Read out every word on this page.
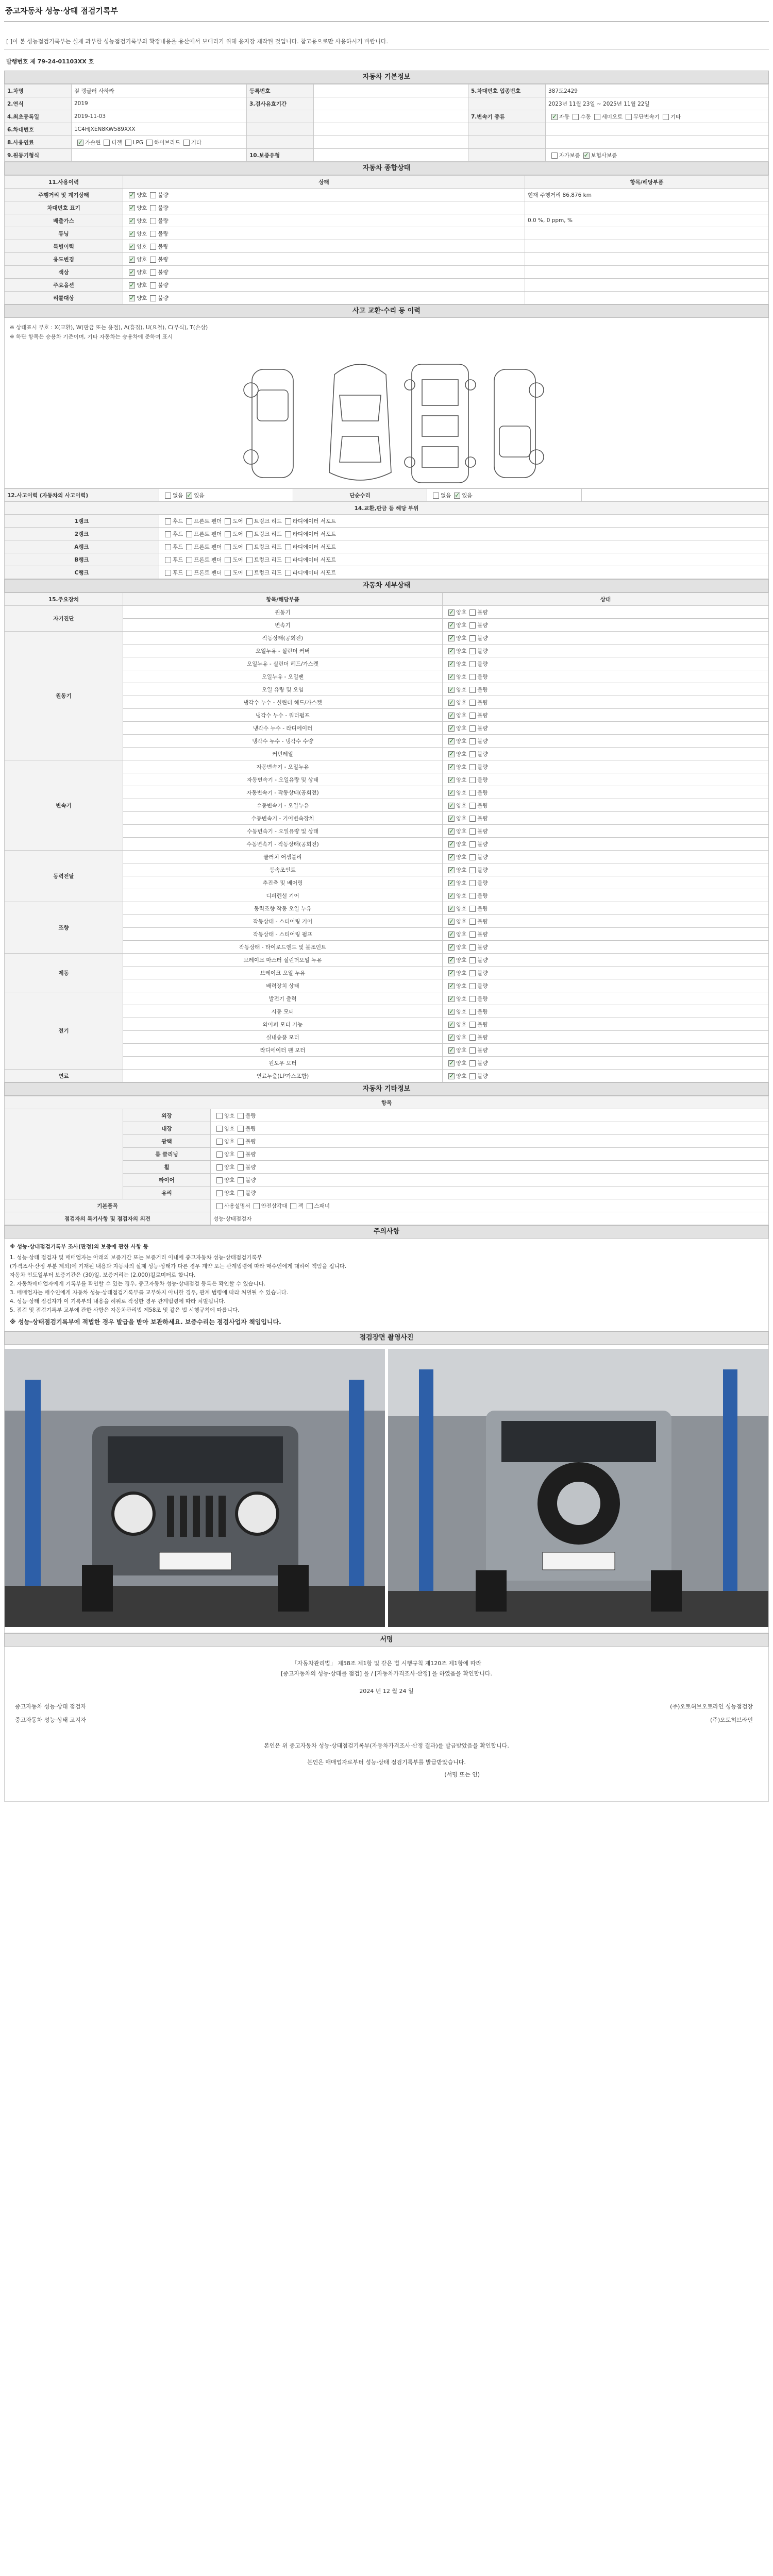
중고자동차 성능·상태 점검기록부
[ ]이 본 성능점검기록부는 실제 과부한 성능점검기록부의 확정내용을 용산에서 보대리기 위해 응지장 제작된 것입니다. 참고용으로만 사용하시기 바랍니다.
발행번호 제 79-24-01103XX 호
자동차 기본정보
1.차명	짚 랭글러 사하라	등록번호		5.차대번호 업종번호	387도2429
2.연식	2019	3.검사유효기간			2023년 11월 23일 ~ 2025년 11월 22일
4.최초등록일	2019-11-03			7.변속기 종류	✓자동 수동 세미오토 무단변속기 기타
6.차대번호	1C4HJXEN8KW589XXX				
8.사용연료	✓가솔린 디젤 LPG 하이브리드 기타				
9.원동기형식		10.보증유형			자가보증 ✓ 보험사보증
자동차 종합상태
11.사용이력	상태	항목/해당부품
주행거리 및 계기상태	✓양호 불량	현재 주행거리 86,876 km
차대번호 표기	✓양호 불량	
배출가스	✓양호 불량	0.0 %, 0 ppm, %
튜닝	✓양호 불량	
특별이력	✓양호 불량	
용도변경	✓양호 불량	
색상	✓양호 불량	
주요옵션	✓양호 불량	
리콜대상	✓양호 불량	
사고 교환·수리 등 이력
※ 상태표시 부호 : X(교환), W(판금 또는 용접), A(흠집), U(요철), C(부식), T(손상)
※ 하단 항목은 승용차 기준이며, 기타 자동차는 승용차에 준하여 표시
12.사고이력 (자동차의 사고이력)	없음 ✓ 있음	단순수리	없음 ✓ 있음	
14.교환,판금 등 해당 부위				
1랭크	후드 프론트 펜더 도어 트렁크 리드 라디에이터 서포트			
2랭크	후드 프론트 펜더 도어 트렁크 리드 라디에이터 서포트			
A랭크	후드 프론트 펜더 도어 트렁크 리드 라디에이터 서포트			
B랭크	후드 프론트 펜더 도어 트렁크 리드 라디에이터 서포트			
C랭크	후드 프론트 펜더 도어 트렁크 리드 라디에이터 서포트			
자동차 세부상태
15.주요장치	항목/해당부품	상태
자기진단	원동기	✓양호 불량
	변속기	✓양호 불량
원동기	작동상태(공회전)	✓양호 불량
	오일누유 - 실린더 커버	✓양호 불량
	오일누유 - 실린더 헤드/가스켓	✓양호 불량
	오일누유 - 오일팬	✓양호 불량
	오일 유량 및 오염	✓양호 불량
	냉각수 누수 - 실린더 헤드/가스켓	✓양호 불량
	냉각수 누수 - 워터펌프	✓양호 불량
	냉각수 누수 - 라디에이터	✓양호 불량
	냉각수 누수 - 냉각수 수량	✓양호 불량
	커먼레일	✓양호 불량
변속기	자동변속기 - 오일누유	✓양호 불량
	자동변속기 - 오일유량 및 상태	✓양호 불량
	자동변속기 - 작동상태(공회전)	✓양호 불량
	수동변속기 - 오일누유	✓양호 불량
	수동변속기 - 기어변속장치	✓양호 불량
	수동변속기 - 오일유량 및 상태	✓양호 불량
	수동변속기 - 작동상태(공회전)	✓양호 불량
동력전달	클러치 어셈블리	✓양호 불량
	등속조인트	✓양호 불량
	추진축 및 베어링	✓양호 불량
	디퍼렌셜 기어	✓양호 불량
조향	동력조향 작동 오일 누유	✓양호 불량
	작동상태 - 스티어링 기어	✓양호 불량
	작동상태 - 스티어링 펌프	✓양호 불량
	작동상태 - 타이로드엔드 및 볼조인트	✓양호 불량
제동	브레이크 마스터 실린더오일 누유	✓양호 불량
	브레이크 오일 누유	✓양호 불량
	배력장치 상태	✓양호 불량
전기	발전기 출력	✓양호 불량
	시동 모터	✓양호 불량
	와이퍼 모터 기능	✓양호 불량
	실내송풍 모터	✓양호 불량
	라디에이터 팬 모터	✓양호 불량
	윈도우 모터	✓양호 불량
연료	연료누출(LP가스포함)	✓양호 불량
자동차 기타정보
항목		
	외장	양호 불량
	내장	양호 불량
	광택	양호 불량
	룸 클리닝	양호 불량
	휠	양호 불량
	타이어	양호 불량
	유리	양호 불량
기본품목		사용설명서 안전삼각대 잭 스패너
점검자의 특기사항 및 점검자의 의견		성능·상태점검자
주의사항
※ 성능·상태점검기록부 조사(판정)의 보증에 관한 사항 등
1. 성능·상태 점검자 및 매매업자는 아래의 보증기간 또는 보증거리 이내에 중고자동차 성능·상태점검기록부
(가격조사·산정 부분 제외)에 기재된 내용과 자동차의 실제 성능·상태가 다른 경우 계약 또는 관계법령에 따라 매수인에게 대하여 책임을 집니다.
자동차 인도일부터 보증기간은 (30)일, 보증거리는 (2,000)킬로미터로 합니다.
2. 자동차매매업자에게 기록부를 확인할 수 있는 경우, 중고자동차 성능·상태점검 등록은 확인할 수 있습니다.
3. 매매업자는 매수인에게 자동차 성능·상태점검기록부를 교부하지 아니한 경우, 관계 법령에 따라 처벌될 수 있습니다.
4. 성능·상태 점검자가 이 기록부의 내용을 허위로 작성한 경우 관계법령에 따라 처벌됩니다.
5. 점검 및 점검기록부 교부에 관한 사항은 자동차관리법 제58조 및 같은 법 시행규칙에 따릅니다.
※ 성능·상태점검기록부에 적법한 경우 발급을 받아 보관하세요. 보증수리는 점검사업자 책임입니다.
점검장면 촬영사진
서명
「자동차관리법」 제58조 제1항 및 같은 법 시행규칙 제120조 제1항에 따라
[중고자동차의 성능·상태를 점검] 을 / [자동차가격조사·산정] 을 하였음을 확인합니다.
2024 년 12 월 24 일
중고자동차 성능·상태 점검자	(주)오토허브오토라인 성능점검장
중고자동차 성능·상태 고지자	(주)오토허브라인
본인은 위 중고자동차 성능·상태점검기록부(자동차가격조사·산정 결과)를 발급받았음을 확인합니다.
본인은 매매업자로부터 성능·상태 점검기록부를 발급받았습니다.
(서명 또는 인)
